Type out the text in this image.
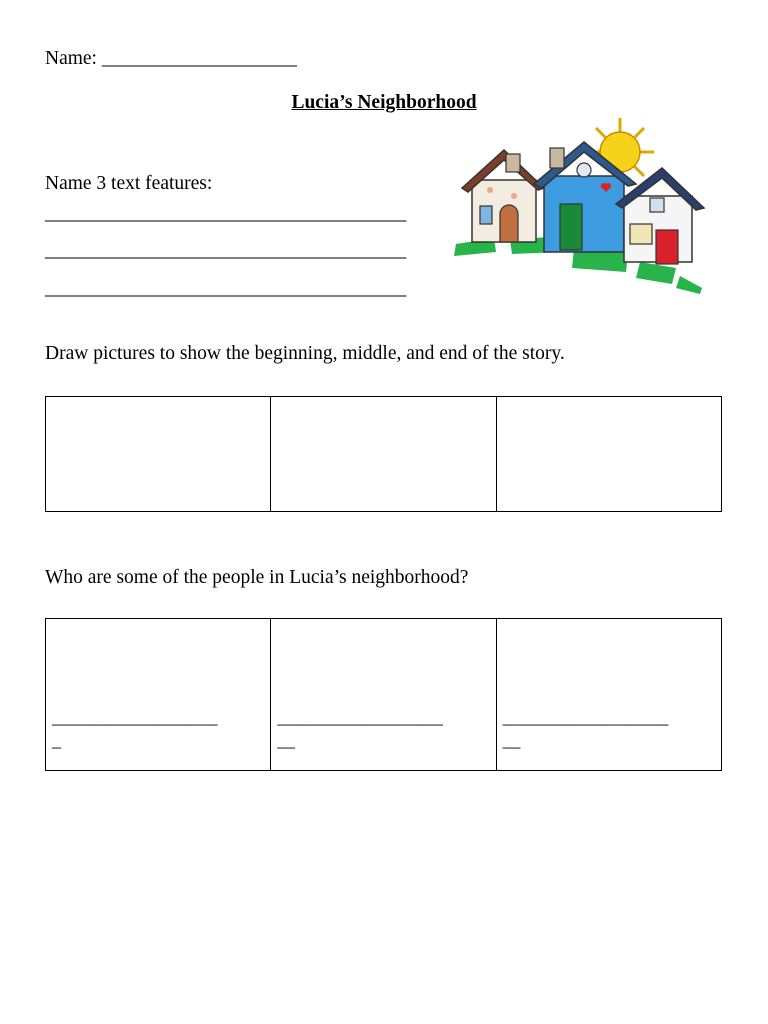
Name: ____________________
Lucia’s Neighborhood
Name 3 text features:
______________________________________
______________________________________
______________________________________
Draw pictures to show the beginning, middle, and end of the story.
Who are some of the people in Lucia’s neighborhood?
___________________
_
___________________
__
___________________
__
